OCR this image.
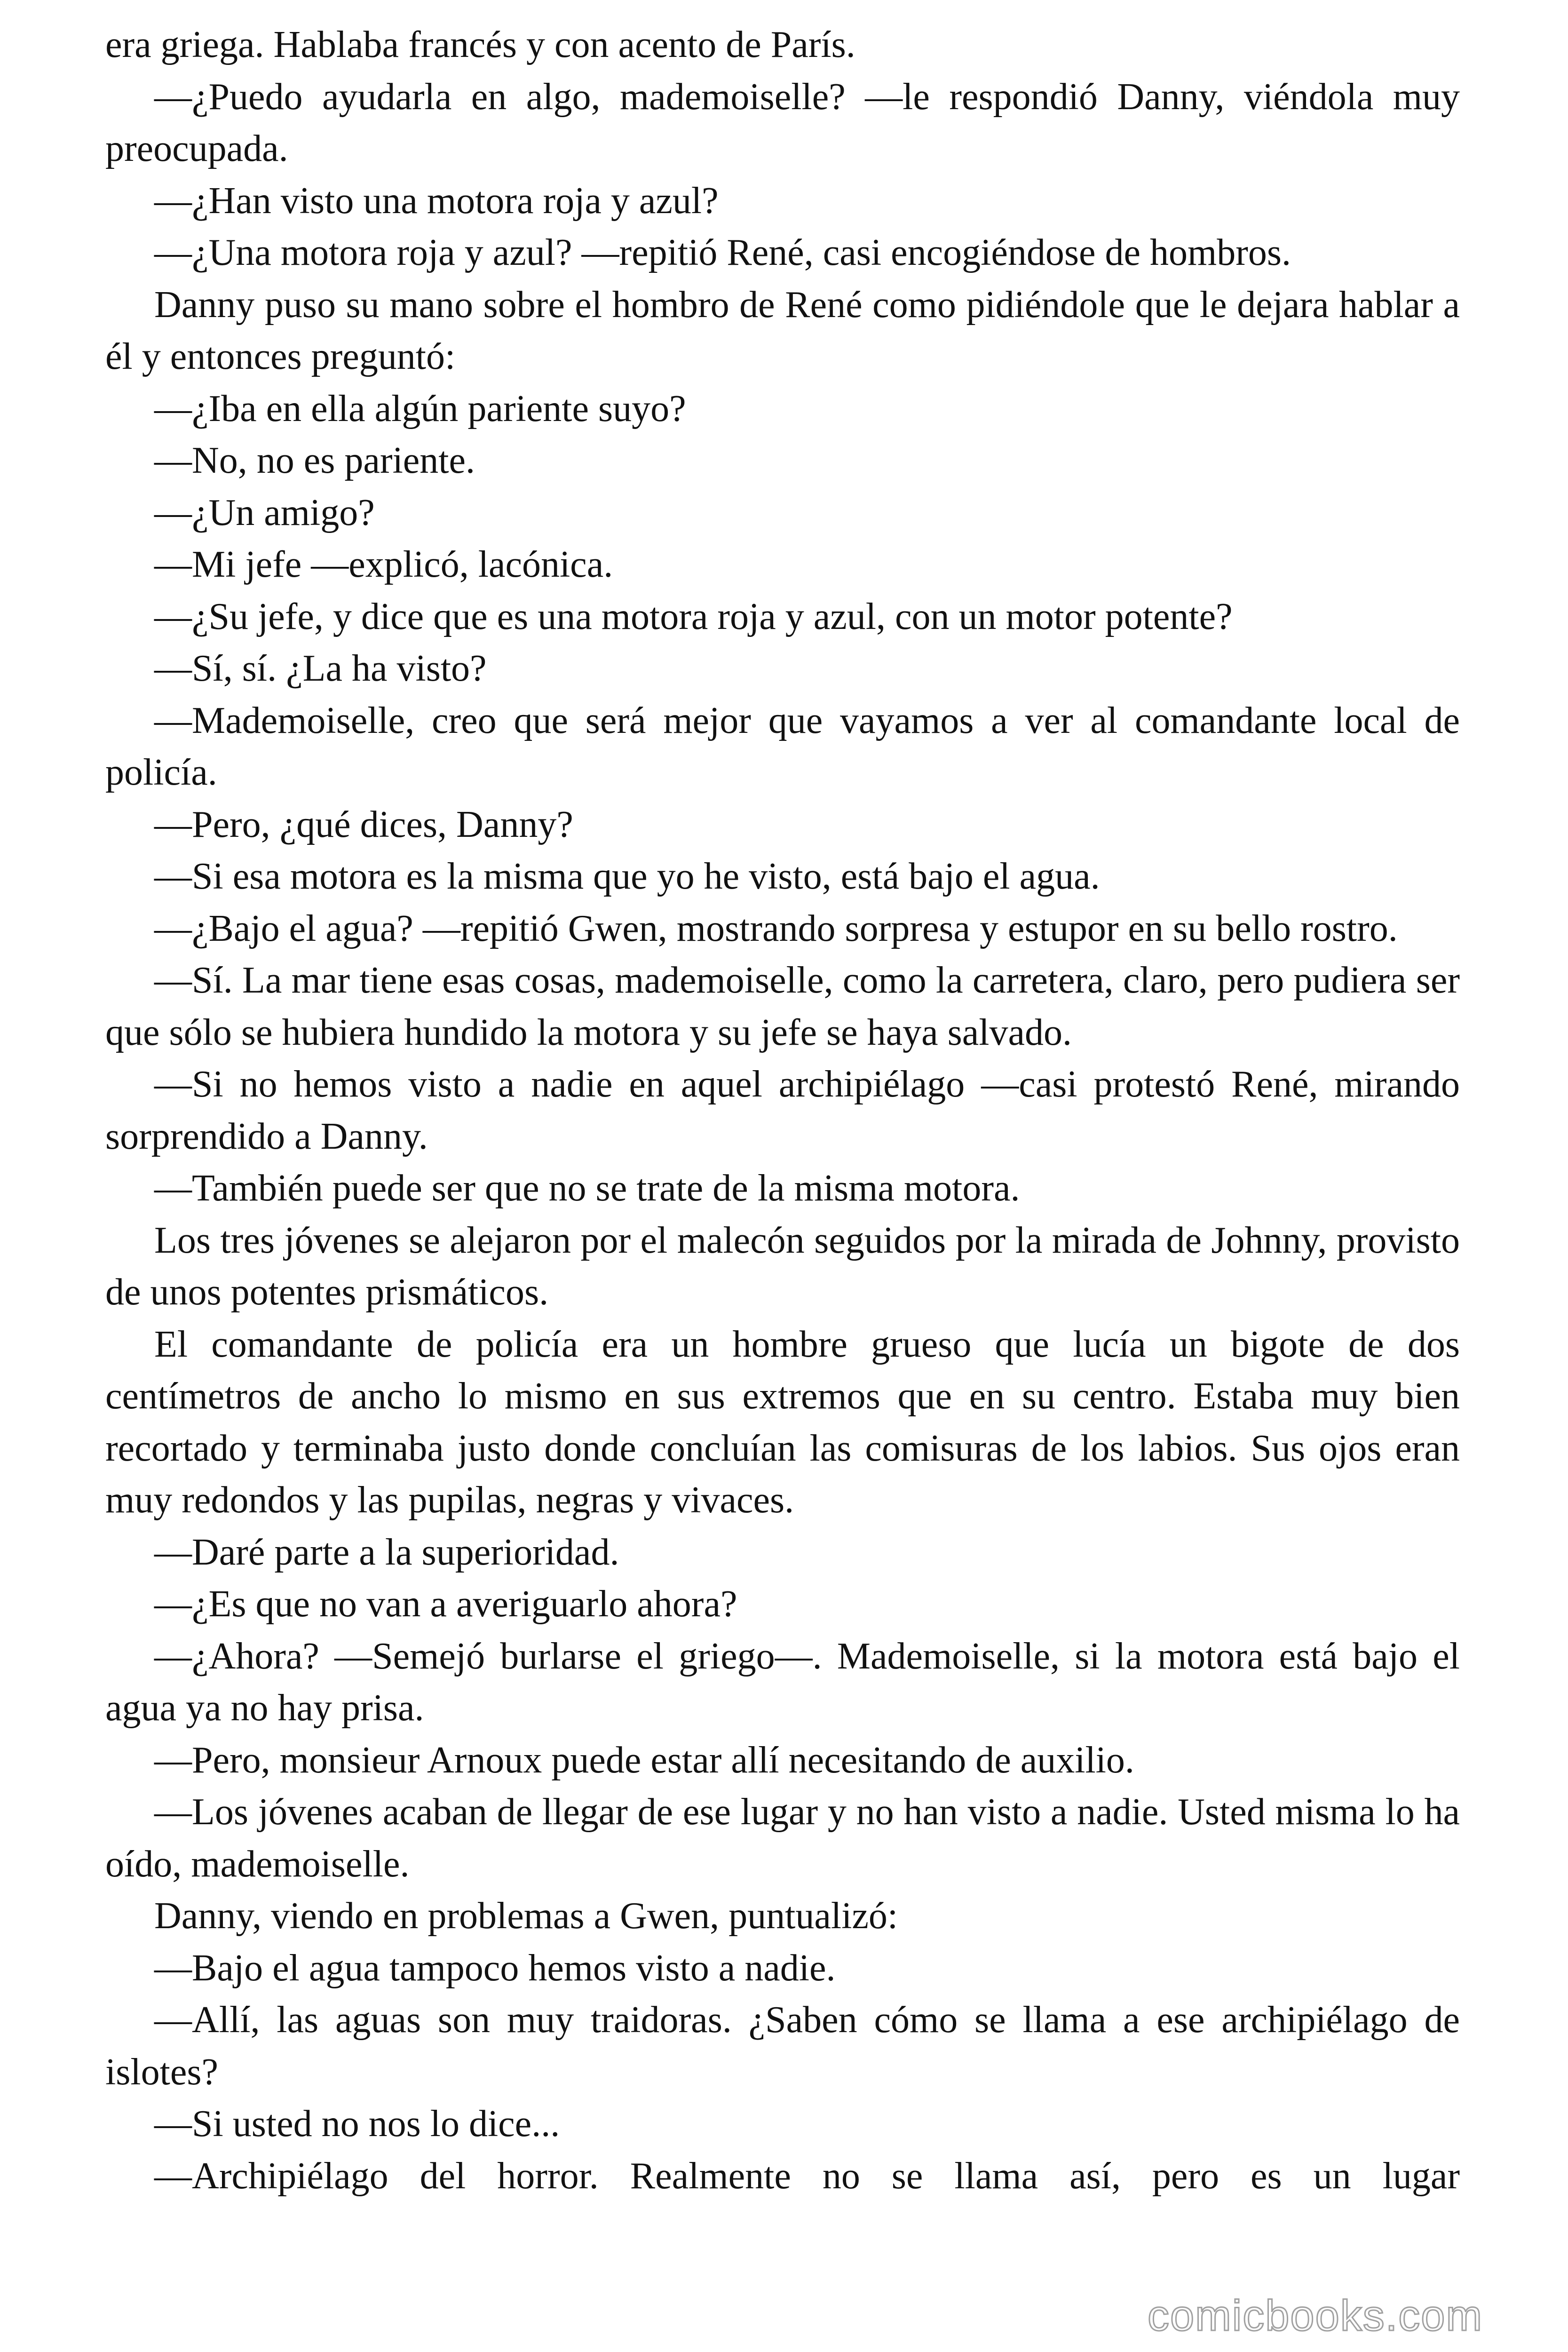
era griega. Hablaba francés y con acento de París.

—¿Puedo ayudarla en algo, mademoiselle? —le respondió Danny, viéndola muy preocupada.

—¿Han visto una motora roja y azul?

—¿Una motora roja y azul? —repitió René, casi encogiéndose de hombros.

Danny puso su mano sobre el hombro de René como pidiéndole que le dejara hablar a él y entonces preguntó:

—¿Iba en ella algún pariente suyo?

—No, no es pariente.

—¿Un amigo?

—Mi jefe —explicó, lacónica.

—¿Su jefe, y dice que es una motora roja y azul, con un motor potente?

—Sí, sí. ¿La ha visto?

—Mademoiselle, creo que será mejor que vayamos a ver al comandante local de policía.

—Pero, ¿qué dices, Danny?

—Si esa motora es la misma que yo he visto, está bajo el agua.

—¿Bajo el agua? —repitió Gwen, mostrando sorpresa y estupor en su bello rostro.

—Sí. La mar tiene esas cosas, mademoiselle, como la carretera, claro, pero pudiera ser que sólo se hubiera hundido la motora y su jefe se haya salvado.

—Si no hemos visto a nadie en aquel archipiélago —casi protestó René, mirando sorprendido a Danny.

—También puede ser que no se trate de la misma motora.

Los tres jóvenes se alejaron por el malecón seguidos por la mirada de Johnny, provisto de unos potentes prismáticos.

El comandante de policía era un hombre grueso que lucía un bigote de dos centímetros de ancho lo mismo en sus extremos que en su centro. Estaba muy bien recortado y terminaba justo donde concluían las comisuras de los labios. Sus ojos eran muy redondos y las pupilas, negras y vivaces.

—Daré parte a la superioridad.

—¿Es que no van a averiguarlo ahora?

—¿Ahora? —Semejó burlarse el griego—. Mademoiselle, si la motora está bajo el agua ya no hay prisa.

—Pero, monsieur Arnoux puede estar allí necesitando de auxilio.

—Los jóvenes acaban de llegar de ese lugar y no han visto a nadie. Usted misma lo ha oído, mademoiselle.

Danny, viendo en problemas a Gwen, puntualizó:

—Bajo el agua tampoco hemos visto a nadie.

—Allí, las aguas son muy traidoras. ¿Saben cómo se llama a ese archipiélago de islotes?

—Si usted no nos lo dice...

—Archipiélago del horror. Realmente no se llama así, pero es un lugar

comicbooks.com
